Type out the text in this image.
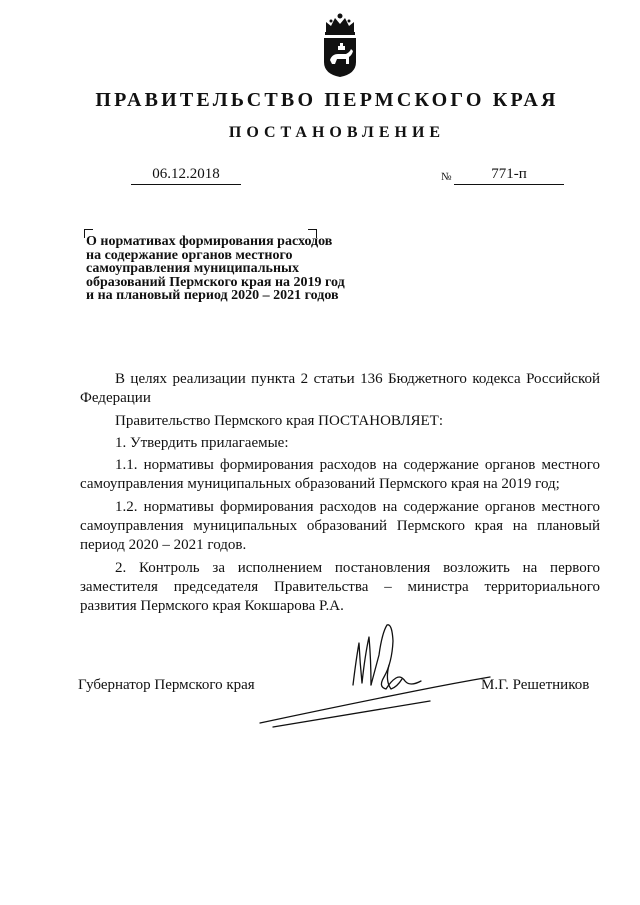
ПРАВИТЕЛЬСТВО ПЕРМСКОГО КРАЯ
ПОСТАНОВЛЕНИЕ
06.12.2018	№	771-п
О нормативах формирования расходов
на содержание органов местного
самоуправления муниципальных
образований Пермского края на 2019 год
и на плановый период 2020 – 2021 годов

В целях реализации пункта 2 статьи 136 Бюджетного кодекса Российской Федерации

Правительство Пермского края ПОСТАНОВЛЯЕТ:

1. Утвердить прилагаемые:

1.1. нормативы формирования расходов на содержание органов местного самоуправления муниципальных образований Пермского края на 2019 год;

1.2. нормативы формирования расходов на содержание органов местного самоуправления муниципальных образований Пермского края на плановый период 2020 – 2021 годов.

2. Контроль за исполнением постановления возложить на первого заместителя председателя Правительства – министра территориального развития Пермского края Кокшарова Р.А.

Губернатор Пермского края	М.Г. Решетников
